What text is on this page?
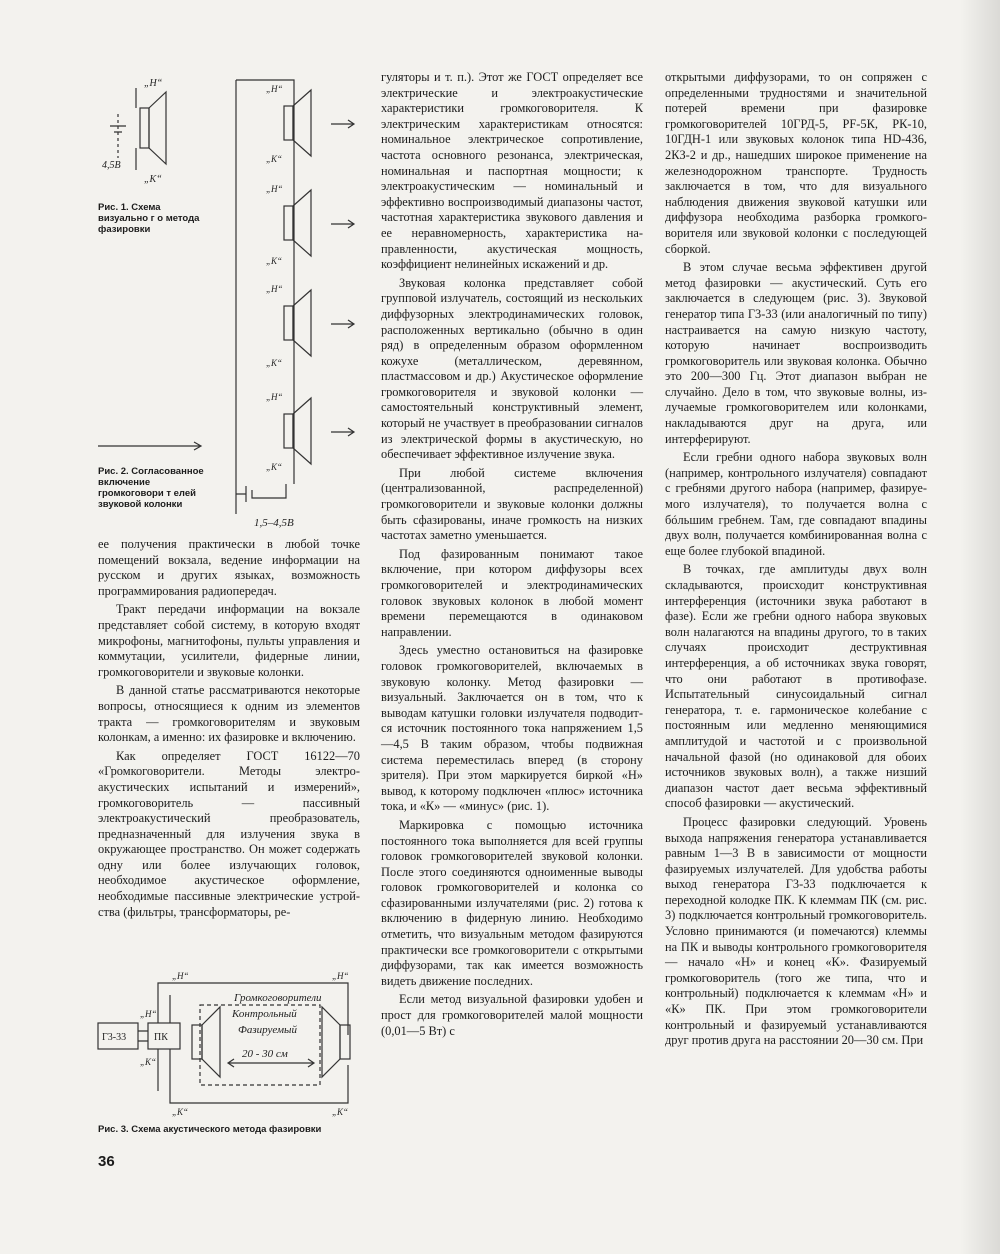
„Н“
„К“
4,5В
Рис. 1. Схема визуально г о метода фазировки
„Н“
„К“
„Н“
„К“
„Н“
„К“
„Н“
„К“
1,5–4,5В
Рис. 2. Согласованное включение громкоговори т елей звуковой колонки

ее получения практически в любой точке помещений вокзала, ведение информации на русском и других языках, возможность программирования радиопередач.

Тракт передачи информации на вокзале представляет собой систему, в которую входят микрофоны, магнитофоны, пульты управления и коммутации, усилители, фидерные линии, громкоговорители и звуковые колонки.

В данной статье рассматриваются некоторые вопросы, относящиеся к одним из элементов тракта — громкоговорителям и звуковым колонкам, а именно: их фазировке и включению.

Как определяет ГОСТ 16122—70 «Громкоговорители. Методы электроакустических испытаний и измерений», громкоговоритель — пассивный электроакустический преобразователь, предназначенный для излучения звука в окружающее пространство. Он может содержать одну или более излучающих головок, необходимое акустическое оформление, необходимые пассивные электрические устройства (фильтры, трансформаторы, ре-

Г3-33	ПК
Громкоговорители
Контрольный
Фазируемый
20 - 30 см
„Н“	„Н“
„Н“
„К“
„К“	„К“
Рис. 3. Схема акустического метода фазировки

гуляторы и т. п.). Этот же ГОСТ определяет все электрические и электроакустические характеристики громкоговорителя. К электрическим характеристикам относятся: номинальное электрическое сопротивление, частота основного резонанса, электрическая, номинальная и паспортная мощности; к электроакустическим — номинальный и эффективно воспроизводимый диапазоны частот, частотная характеристика звукового давления и ее неравномерность, характеристика направленности, акустическая мощность, коэффициент нелинейных искажений и др.

Звуковая колонка представляет собой групповой излучатель, состоящий из нескольких диффузорных электродинамических головок, расположенных вертикально (обычно в один ряд) в определенным образом оформленном кожухе (металлическом, деревянном, пластмассовом и др.) Акустическое оформление громкоговорителя и звуковой колонки — самостоятельный конструктивный элемент, который не участвует в преобразовании сигналов из электрической формы в акустическую, но обеспечивает эффективное излучение звука.

При любой системе включения (централизованной, распределенной) громкоговорители и звуковые колонки должны быть сфазированы, иначе громкость на низких частотах заметно уменьшается.

Под фазированным понимают такое включение, при котором диффузоры всех громкоговорителей и электродинамических головок звуковых колонок в любой момент времени перемещаются в одинаковом направлении.

Здесь уместно остановиться на фазировке головок громкоговорителей, включаемых в звуковую колонку. Метод фазировки — визуальный. Заключается он в том, что к выводам катушки головки излучателя подводится источник постоянного тока напряжением 1,5—4,5 В таким образом, чтобы подвижная система переместилась вперед (в сторону зрителя). При этом маркируется биркой «Н» вывод, к которому подключен «плюс» источника тока, и «К» — «минус» (рис. 1).

Маркировка с помощью источника постоянного тока выполняется для всей группы головок громкоговорителей звуковой колонки. После этого соединяются одноименные выводы головок громкоговорителей и колонка со сфазированными излучателями (рис. 2) готова к включению в фидерную линию. Необходимо отметить, что визуальным методом фазируются практически все громкоговорители с открытыми диффузорами, так как имеется возможность видеть движение последних.

Если метод визуальной фазировки удобен и прост для громкоговорителей малой мощности (0,01—5 Вт) с

открытыми диффузорами, то он сопряжен с определенными трудностями и значительной потерей времени при фазировке громкоговорителей 10ГРД-5, РF-5К, РК-10, 10ГДН-1 или звуковых колонок типа НD-436, 2КЗ-2 и др., нашедших широкое применение на железнодорожном транспорте. Трудность заключается в том, что для визуального наблюдения движения звуковой катушки или диффузора необходима разборка громкоговорителя или звуковой колонки с последующей сборкой.

В этом случае весьма эффективен другой метод фазировки — акустический. Суть его заключается в следующем (рис. 3). Звуковой генератор типа Г3-33 (или аналогичный по типу) настраивается на самую низкую частоту, которую начинает воспроизводить громкоговоритель или звуковая колонка. Обычно это 200—300 Гц. Этот диапазон выбран не случайно. Дело в том, что звуковые волны, излучаемые громкоговорителем или колонками, накладываются друг на друга, или интерферируют.

Если гребни одного набора звуковых волн (например, контрольного излучателя) совпадают с гребнями другого набора (например, фазируемого излучателя), то получается волна с бóльшим гребнем. Там, где совпадают впадины двух волн, получается комбинированная волна с еще более глубокой впадиной.

В точках, где амплитуды двух волн складываются, происходит конструктивная интерференция (источники звука работают в фазе). Если же гребни одного набора звуковых волн налагаются на впадины другого, то в таких случаях происходит деструктивная интерференция, а об источниках звука говорят, что они работают в противофазе. Испытательный синусоидальный сигнал генератора, т. е. гармоническое колебание с постоянным или медленно меняющимися амплитудой и частотой и с произвольной начальной фазой (но одинаковой для обоих источников звуковых волн), а также низший диапазон частот дает весьма эффективный способ фазировки — акустический.

Процесс фазировки следующий. Уровень выхода напряжения генератора устанавливается равным 1—3 В в зависимости от мощности фазируемых излучателей. Для удобства работы выход генератора Г3-33 подключается к переходной колодке ПК. К клеммам ПК (см. рис. 3) подключается контрольный громкоговоритель. Условно принимаются (и помечаются) клеммы на ПК и выводы контрольного громкоговорителя — начало «Н» и конец «К». Фазируемый громкоговоритель (того же типа, что и контрольный) подключается к клеммам «Н» и «К» ПК. При этом громкоговорители контрольный и фазируемый устанавливаются друг против друга на расстоянии 20—30 см. При

36
